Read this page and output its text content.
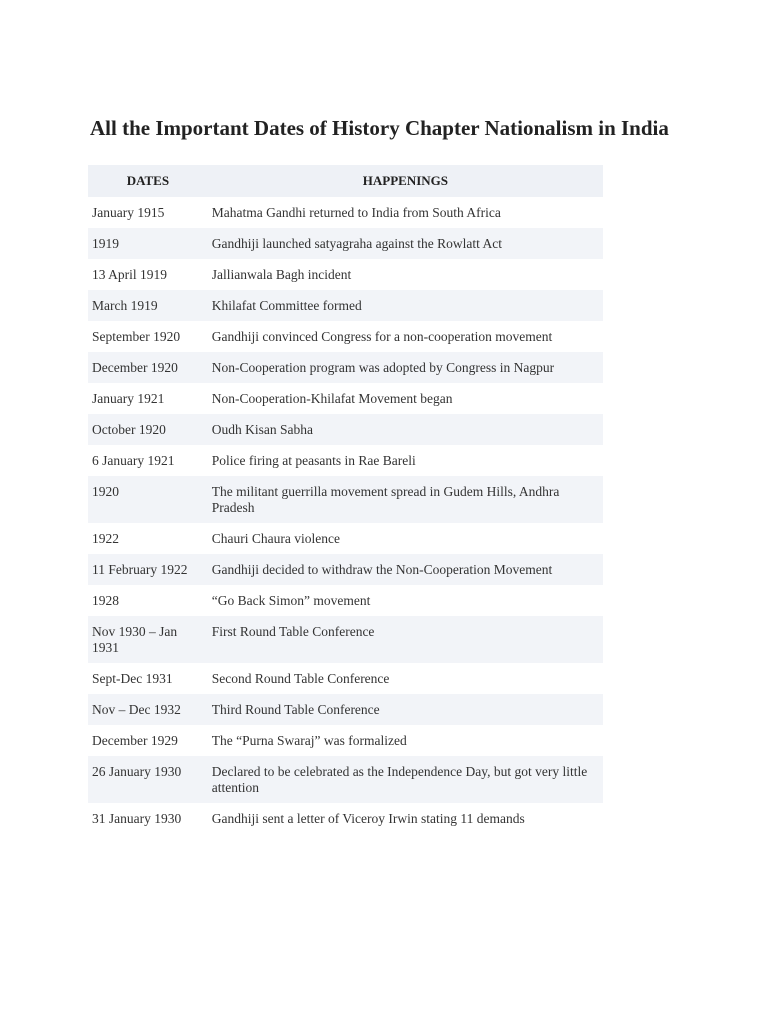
All the Important Dates of History Chapter Nationalism in India
DATES	HAPPENINGS
January 1915	Mahatma Gandhi returned to India from South Africa
1919	Gandhiji launched satyagraha against the Rowlatt Act
13 April 1919	Jallianwala Bagh incident
March 1919	Khilafat Committee formed
September 1920	Gandhiji convinced Congress for a non-cooperation movement
December 1920	Non-Cooperation program was adopted by Congress in Nagpur
January 1921	Non-Cooperation-Khilafat Movement began
October 1920	Oudh Kisan Sabha
6 January 1921	Police firing at peasants in Rae Bareli
1920	The militant guerrilla movement spread in Gudem Hills, Andhra Pradesh
1922	Chauri Chaura violence
11 February 1922	Gandhiji decided to withdraw the Non-Cooperation Movement
1928	“Go Back Simon” movement
Nov 1930 – Jan 1931	First Round Table Conference
Sept-Dec 1931	Second Round Table Conference
Nov – Dec 1932	Third Round Table Conference
December 1929	The “Purna Swaraj” was formalized
26 January 1930	Declared to be celebrated as the Independence Day, but got very little attention
31 January 1930	Gandhiji sent a letter of Viceroy Irwin stating 11 demands
